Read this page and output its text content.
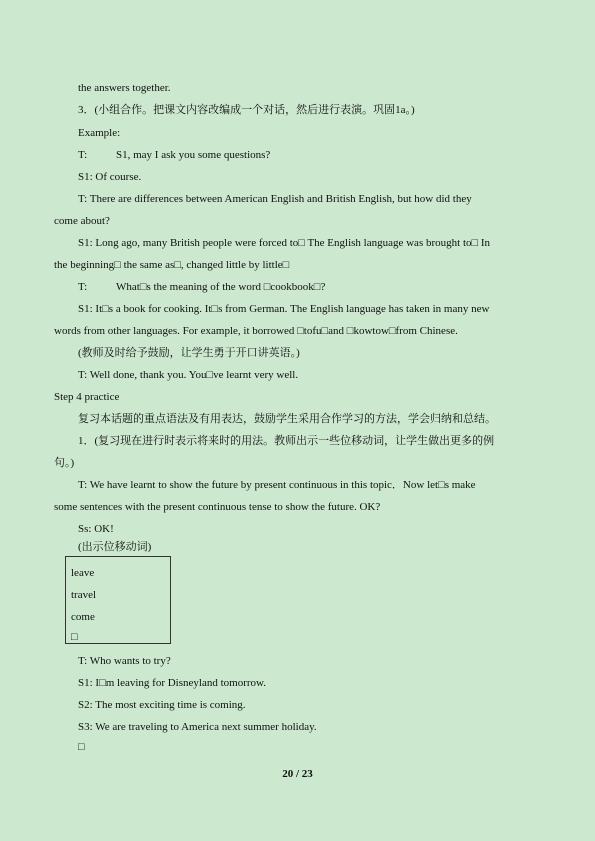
the answers together.
3．(小组合作。把课文内容改编成一个对话，然后进行表演。巩固1a。)
Example:
T:	S1, may I ask you some questions?
S1: Of course.
T: There are differences between American English and British English, but how did they
come about?
S1: Long ago, many British people were forced to□ The English language was brought to□ In
the beginning□ the same as□, changed little by little□
T:	What□s the meaning of the word □cookbook□?
S1: It□s a book for cooking. It□s from German. The English language has taken in many new
words from other languages. For example, it borrowed □tofu□and □kowtow□from Chinese.
(教师及时给予鼓励，让学生勇于开口讲英语。)
T: Well done, thank you. You□ve learnt very well.
Step 4 practice
复习本话题的重点语法及有用表达，鼓励学生采用合作学习的方法，学会归纳和总结。
1．(复习现在进行时表示将来时的用法。教师出示一些位移动词，让学生做出更多的例
句。)
T: We have learnt to show the future by present continuous in this topic．Now let□s make
some sentences with the present continuous tense to show the future. OK?
Ss: OK!
(出示位移动词)
leave
travel
come
□
T: Who wants to try?
S1: I□m leaving for Disneyland tomorrow.
S2: The most exciting time is coming.
S3: We are traveling to America next summer holiday.
□
20 / 23
